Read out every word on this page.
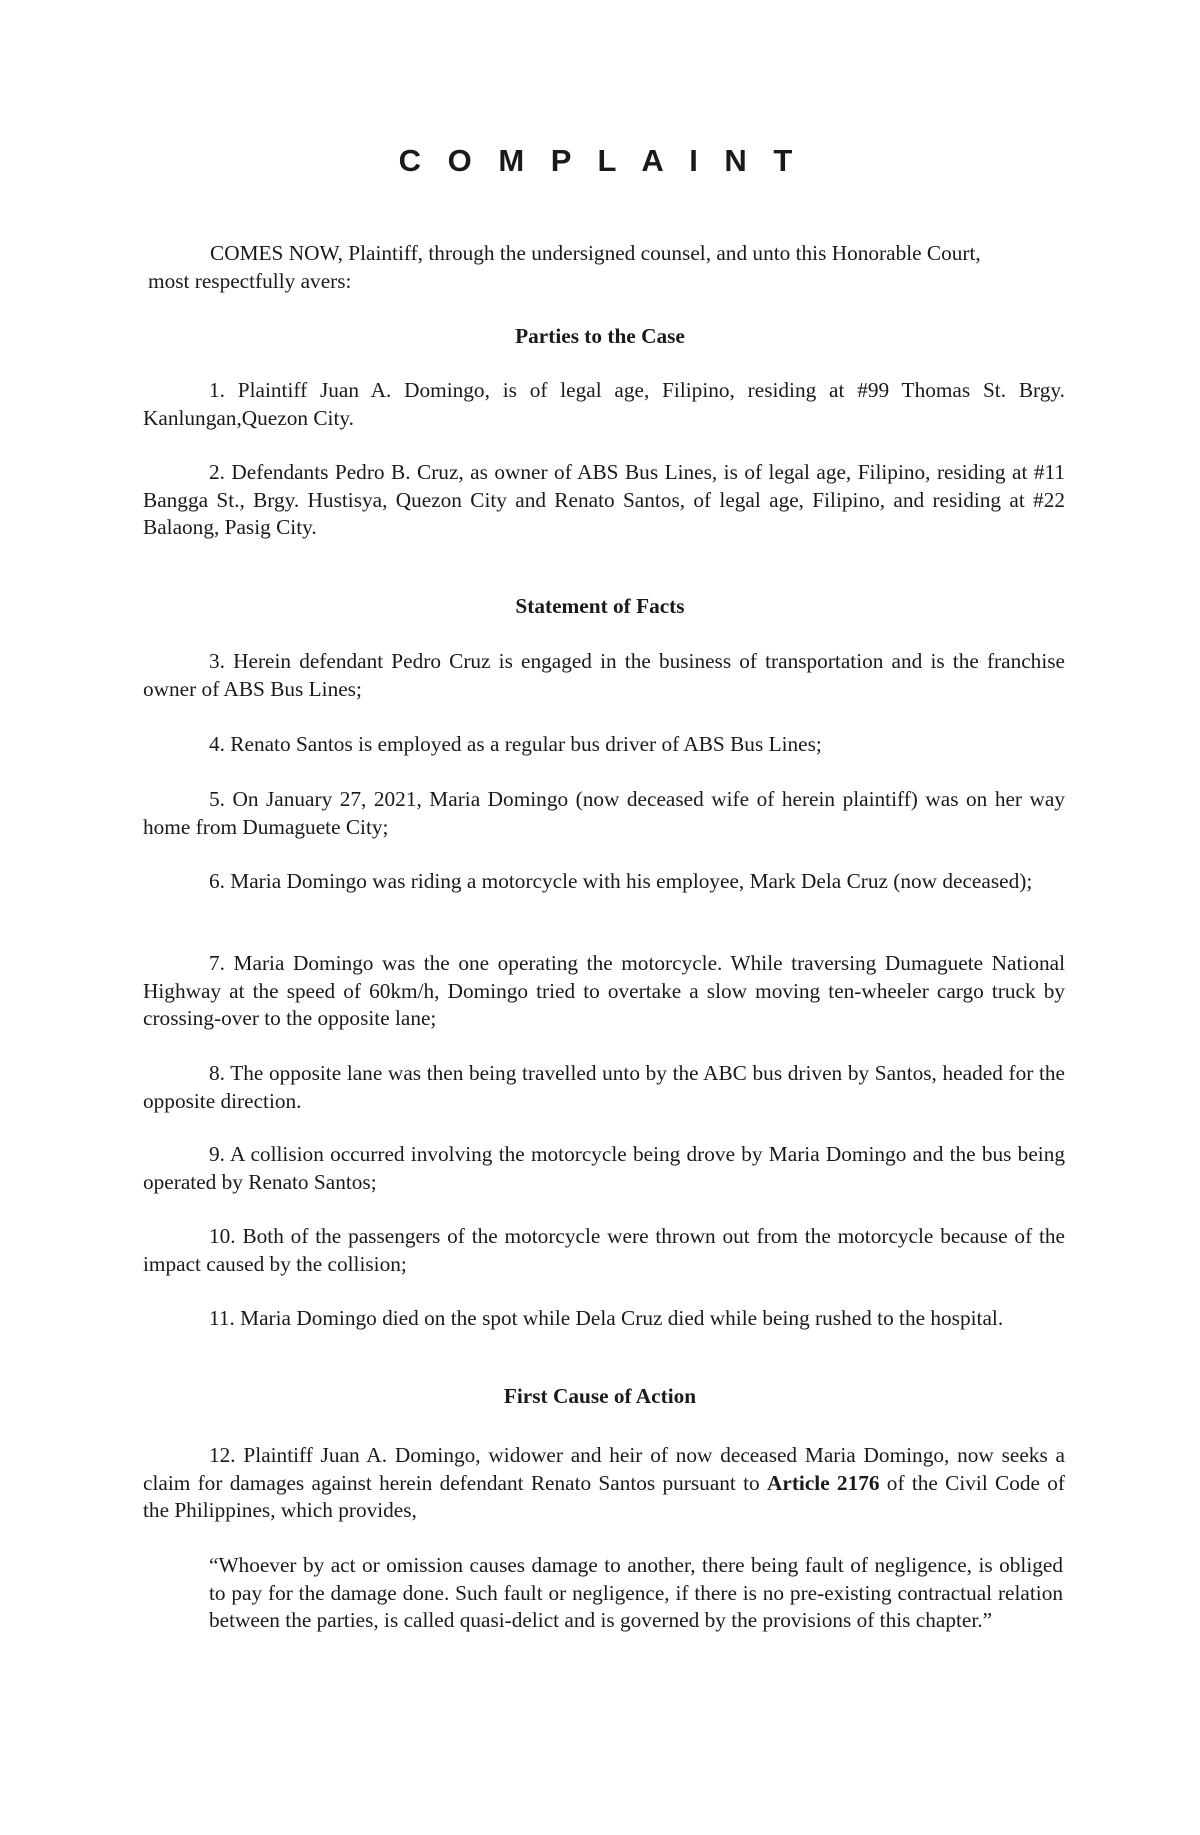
C O M P L A I N T

COMES NOW, Plaintiff, through the undersigned counsel, and unto this Honorable Court,
most respectfully avers:

Parties to the Case

1. Plaintiff Juan A. Domingo, is of legal age, Filipino, residing at #99 Thomas St. Brgy. Kanlungan,Quezon City.

2. Defendants Pedro B. Cruz, as owner of ABS Bus Lines, is of legal age, Filipino, residing at #11 Bangga St., Brgy. Hustisya, Quezon City and Renato Santos, of legal age, Filipino, and residing at #22 Balaong, Pasig City.

Statement of Facts

3. Herein defendant Pedro Cruz is engaged in the business of transportation and is the franchise owner of ABS Bus Lines;

4. Renato Santos is employed as a regular bus driver of ABS Bus Lines;

5. On January 27, 2021, Maria Domingo (now deceased wife of herein plaintiff) was on her way home from Dumaguete City;

6. Maria Domingo was riding a motorcycle with his employee, Mark Dela Cruz (now deceased);

7. Maria Domingo was the one operating the motorcycle. While traversing Dumaguete National Highway at the speed of 60km/h, Domingo tried to overtake a slow moving ten-wheeler cargo truck by crossing-over to the opposite lane;

8. The opposite lane was then being travelled unto by the ABC bus driven by Santos, headed for the opposite direction.

9. A collision occurred involving the motorcycle being drove by Maria Domingo and the bus being operated by Renato Santos;

10. Both of the passengers of the motorcycle were thrown out from the motorcycle because of the impact caused by the collision;

11. Maria Domingo died on the spot while Dela Cruz died while being rushed to the hospital.

First Cause of Action

12. Plaintiff Juan A. Domingo, widower and heir of now deceased Maria Domingo, now seeks a claim for damages against herein defendant Renato Santos pursuant to Article 2176 of the Civil Code of the Philippines, which provides,

“Whoever by act or omission causes damage to another, there being fault of negligence, is obliged to pay for the damage done. Such fault or negligence, if there is no pre-existing contractual relation between the parties, is called quasi-delict and is governed by the provisions of this chapter.”
